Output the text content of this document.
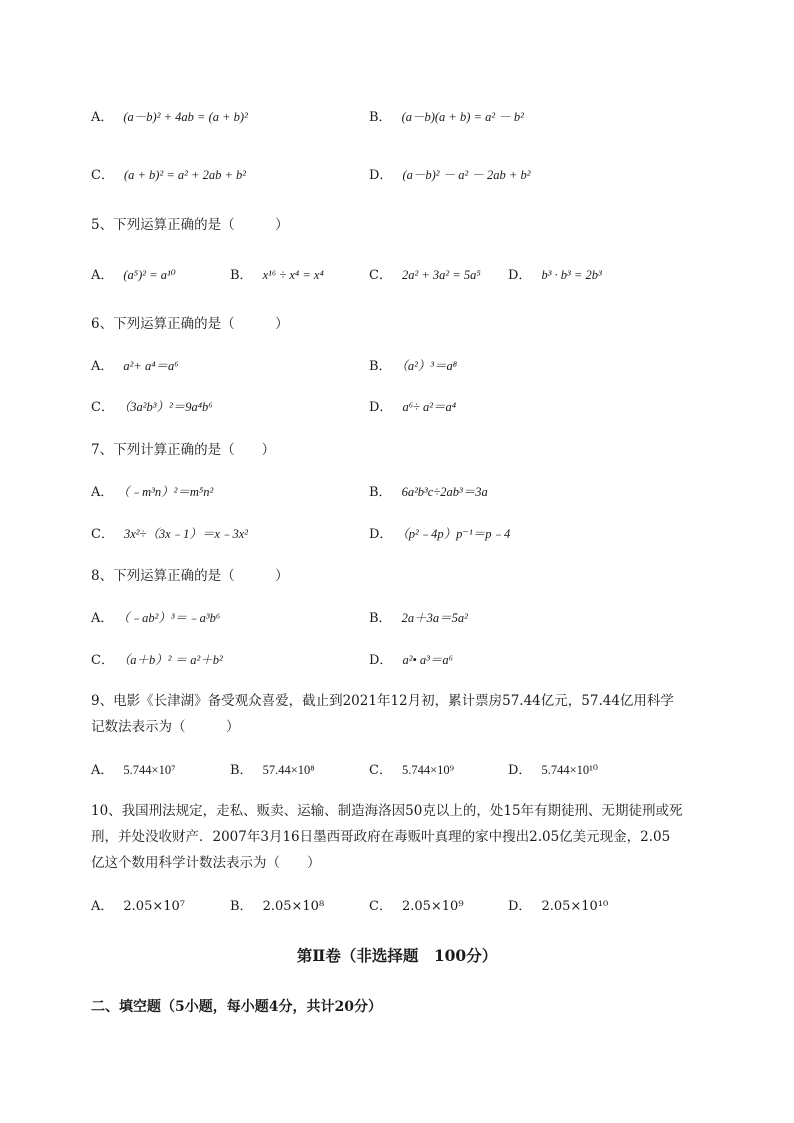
A． (a－b)² + 4ab = (a + b)²	B． (a－b)(a + b) = a² － b²
C． (a + b)² = a² + 2ab + b²	D． (a－b)² － a² － 2ab + b²
5、下列运算正确的是（　　　）
A． (a⁵)² = a¹⁰	B． x¹⁶ ÷ x⁴ = x⁴	C． 2a² + 3a² = 5a⁵ D． b³ · b³ = 2b³
6、下列运算正确的是（　　　）
A． a²+ a⁴＝a⁶	B． （a²）³＝a⁸
C． （3a²b³）²＝9a⁴b⁶	D． a⁶÷ a²＝a⁴
7、下列计算正确的是（　　）
A． （﹣m³n）²＝m⁵n²	B． 6a²b³c÷2ab³＝3a
C． 3x²÷（3x﹣1）＝x﹣3x²	D． （p²﹣4p）p⁻¹＝p﹣4
8、下列运算正确的是（　　　）
A． （﹣ab²）³＝﹣a³b⁶	B． 2a＋3a＝5a²
C． （a＋b）² ＝ a²＋b²	D． a²• a³＝a⁶
9、电影《长津湖》备受观众喜爱，截止到2021年12月初，累计票房57.44亿元，57.44亿用科学
记数法表示为（　　　）
A． 5.744×10⁷	B． 57.44×10⁸	C． 5.744×10⁹	D． 5.744×10¹⁰
10、我国刑法规定，走私、贩卖、运输、制造海洛因50克以上的，处15年有期徒刑、无期徒刑或死
刑，并处没收财产．2007年3月16日墨西哥政府在毒贩叶真理的家中搜出2.05亿美元现金，2.05
亿这个数用科学计数法表示为（　　）
A． 2.05×10⁷	B． 2.05×10⁸	C． 2.05×10⁹	D． 2.05×10¹⁰
第Ⅱ卷（非选择题　100分）
二、填空题（5小题，每小题4分，共计20分）
